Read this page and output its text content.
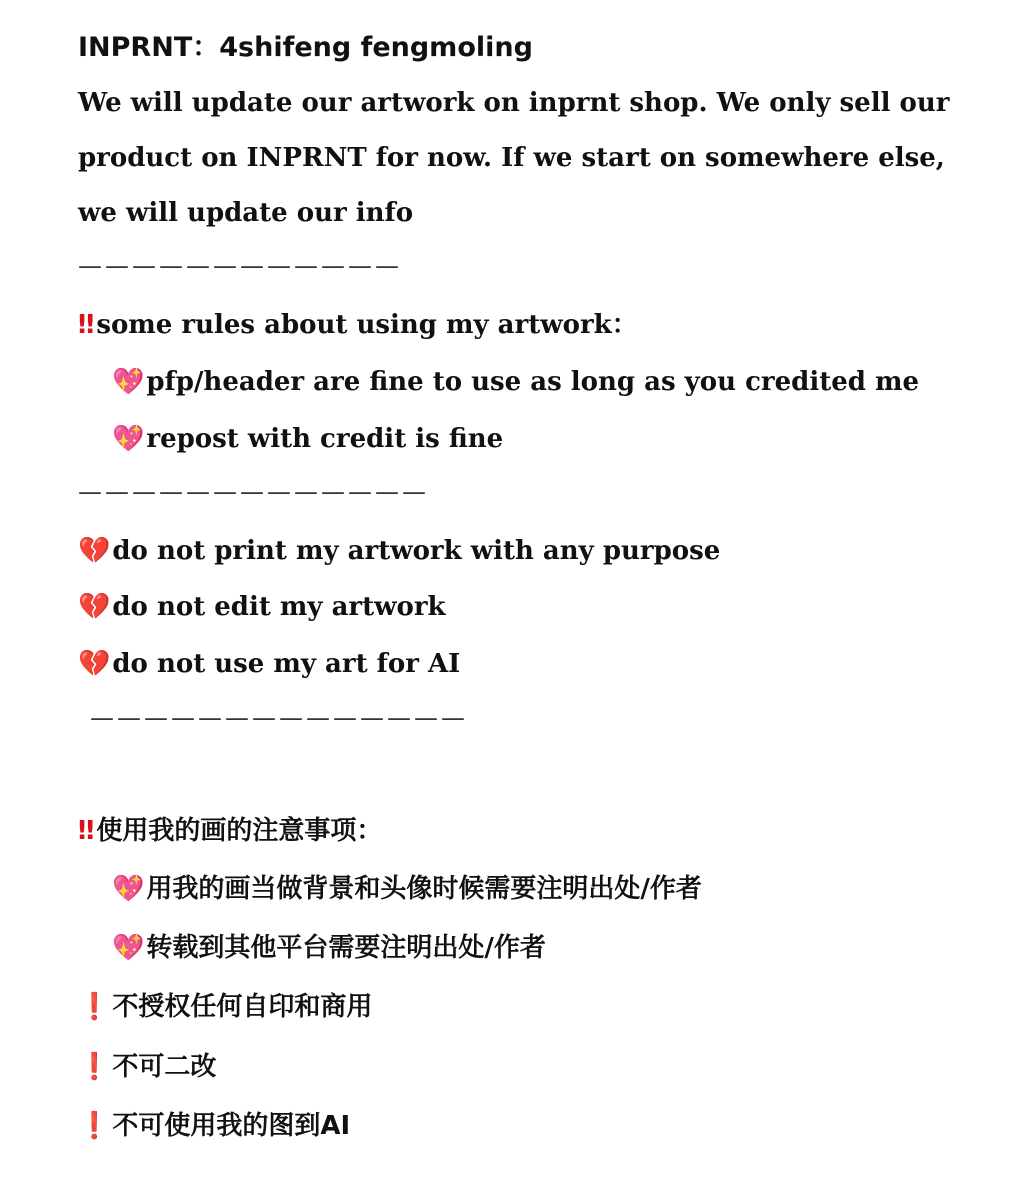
INPRNT：4shifeng fengmoling
We will update our artwork on inprnt shop. We only sell our
product on INPRNT for now. If we start on somewhere else,
we will update our info
————————————
‼some rules about using my artwork：
💖pfp/header are fine to use as long as you credited me
💖repost with credit is fine
—————————————
💔do not print my artwork with any purpose
💔do not edit my artwork
💔do not use my art for AI
——————————————
‼使用我的画的注意事项：
💖用我的画当做背景和头像时候需要注明出处/作者
💖转载到其他平台需要注明出处/作者
❗不授权任何自印和商用
❗不可二改
❗不可使用我的图到AI
